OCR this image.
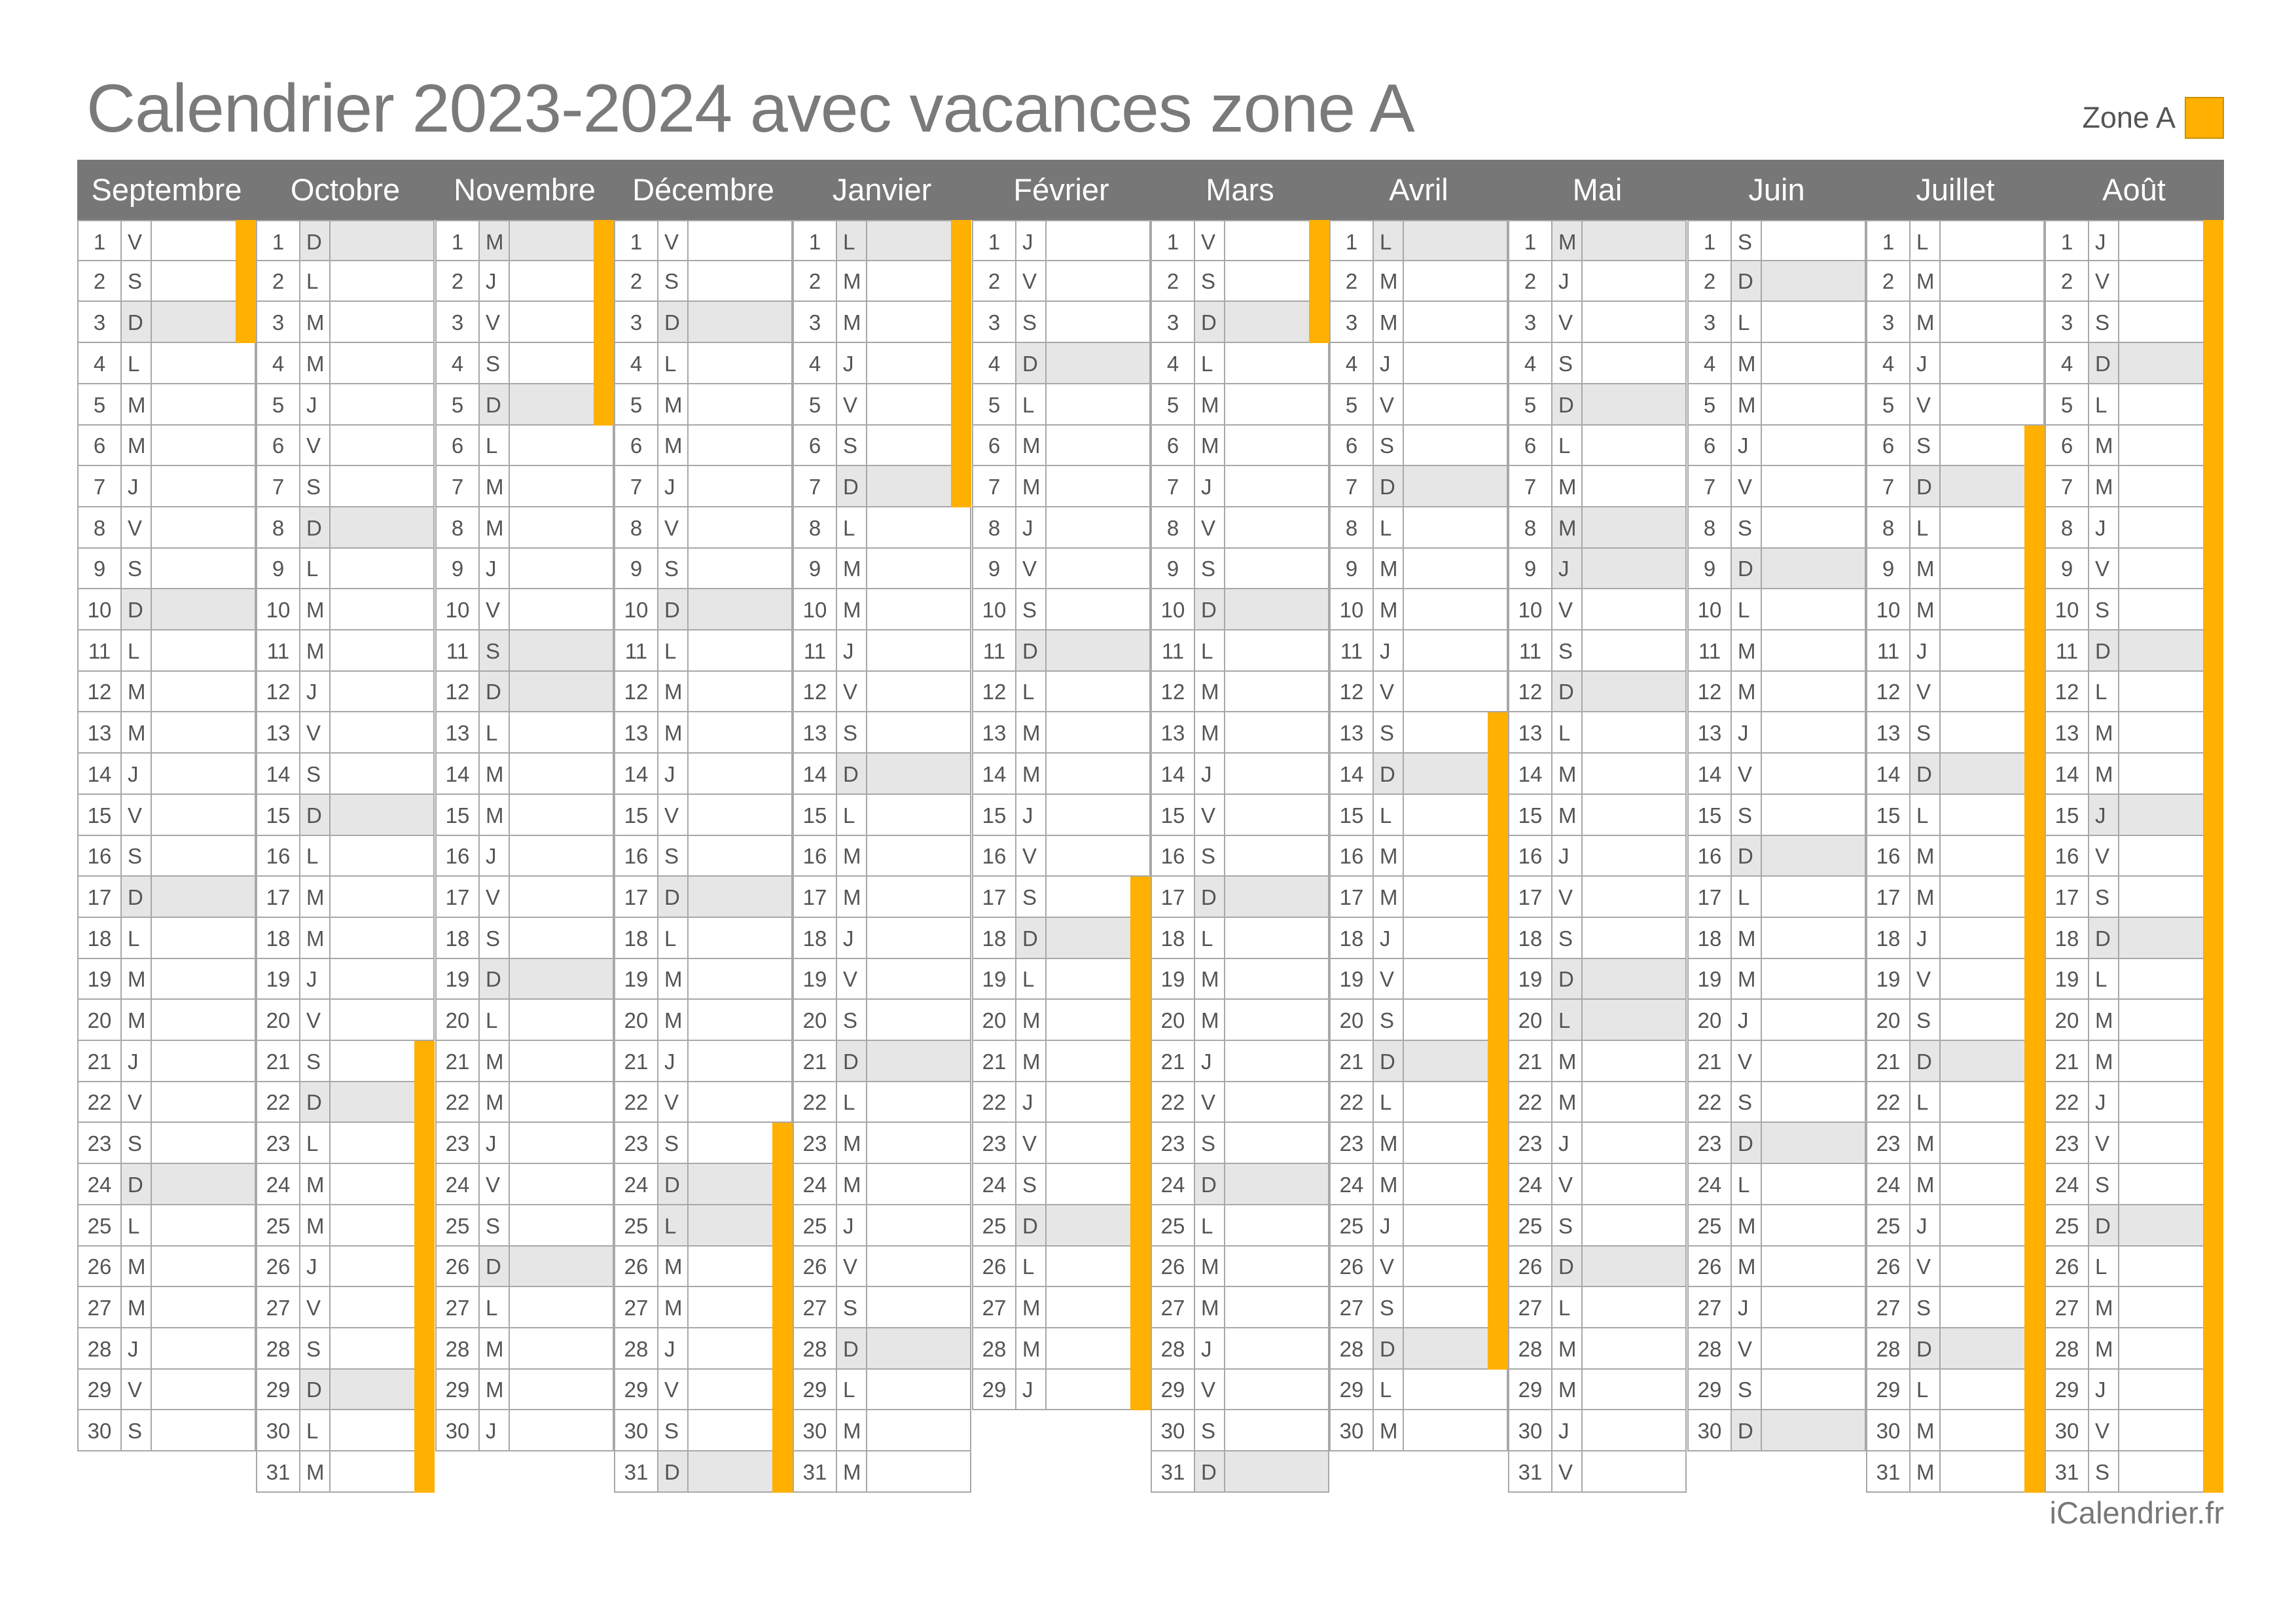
Calendrier 2023-2024 avec vacances zone A	Zone A
Septembre	Octobre	Novembre	Décembre	Janvier	Février	Mars	Avril	Mai	Juin	Juillet	Août
1	V
2	S
3	D
4	L
5	M
6	M
7	J
8	V
9	S
10 D
11 L
12 M
13 M
14 J
15 V
16 S
17 D
18 L
19 M
20 M
21 J
22 V
23 S
24 D
25 L
26 M
27 M
28 J
29 V
30 S
1	D
2	L
3	M
4	M
5	J
6	V
7	S
8	D
9	L
10 M
11 M
12 J
13 V
14 S
15 D
16 L
17 M
18 M
19 J
20 V
21 S
22 D
23 L
24 M
25 M
26 J
27 V
28 S
29 D
30 L
31 M
1	M
2	J
3	V
4	S
5	D
6	L
7	M
8	M
9	J
10 V
11 S
12 D
13 L
14 M
15 M
16 J
17 V
18 S
19 D
20 L
21 M
22 M
23 J
24 V
25 S
26 D
27 L
28 M
29 M
30 J
1	V
2	S
3	D
4	L
5	M
6	M
7	J
8	V
9	S
10 D
11 L
12 M
13 M
14 J
15 V
16 S
17 D
18 L
19 M
20 M
21 J
22 V
23 S
24 D
25 L
26 M
27 M
28 J
29 V
30 S
31 D
1	L
2	M
3	M
4	J
5	V
6	S
7	D
8	L
9	M
10 M
11 J
12 V
13 S
14 D
15 L
16 M
17 M
18 J
19 V
20 S
21 D
22 L
23 M
24 M
25 J
26 V
27 S
28 D
29 L
30 M
31 M
1	J
2	V
3	S
4	D
5	L
6	M
7	M
8	J
9	V
10 S
11 D
12 L
13 M
14 M
15 J
16 V
17 S
18 D
19 L
20 M
21 M
22 J
23 V
24 S
25 D
26 L
27 M
28 M
29 J
1	V
2	S
3	D
4	L
5	M
6	M
7	J
8	V
9	S
10 D
11 L
12 M
13 M
14 J
15 V
16 S
17 D
18 L
19 M
20 M
21 J
22 V
23 S
24 D
25 L
26 M
27 M
28 J
29 V
30 S
31 D
1	L
2	M
3	M
4	J
5	V
6	S
7	D
8	L
9	M
10 M
11 J
12 V
13 S
14 D
15 L
16 M
17 M
18 J
19 V
20 S
21 D
22 L
23 M
24 M
25 J
26 V
27 S
28 D
29 L
30 M
1	M
2	J
3	V
4	S
5	D
6	L
7	M
8	M
9	J
10 V
11 S
12 D
13 L
14 M
15 M
16 J
17 V
18 S
19 D
20 L
21 M
22 M
23 J
24 V
25 S
26 D
27 L
28 M
29 M
30 J
31 V
1	S
2	D
3	L
4	M
5	M
6	J
7	V
8	S
9	D
10 L
11 M
12 M
13 J
14 V
15 S
16 D
17 L
18 M
19 M
20 J
21 V
22 S
23 D
24 L
25 M
26 M
27 J
28 V
29 S
30 D
1	L
2	M
3	M
4	J
5	V
6	S
7	D
8	L
9	M
10 M
11 J
12 V
13 S
14 D
15 L
16 M
17 M
18 J
19 V
20 S
21 D
22 L
23 M
24 M
25 J
26 V
27 S
28 D
29 L
30 M
31 M
1	J
2	V
3	S
4	D
5	L
6	M
7	M
8	J
9	V
10 S
11 D
12 L
13 M
14 M
15 J
16 V
17 S
18 D
19 L
20 M
21 M
22 J
23 V
24 S
25 D
26 L
27 M
28 M
29 J
30 V
31 S
iCalendrier.fr
